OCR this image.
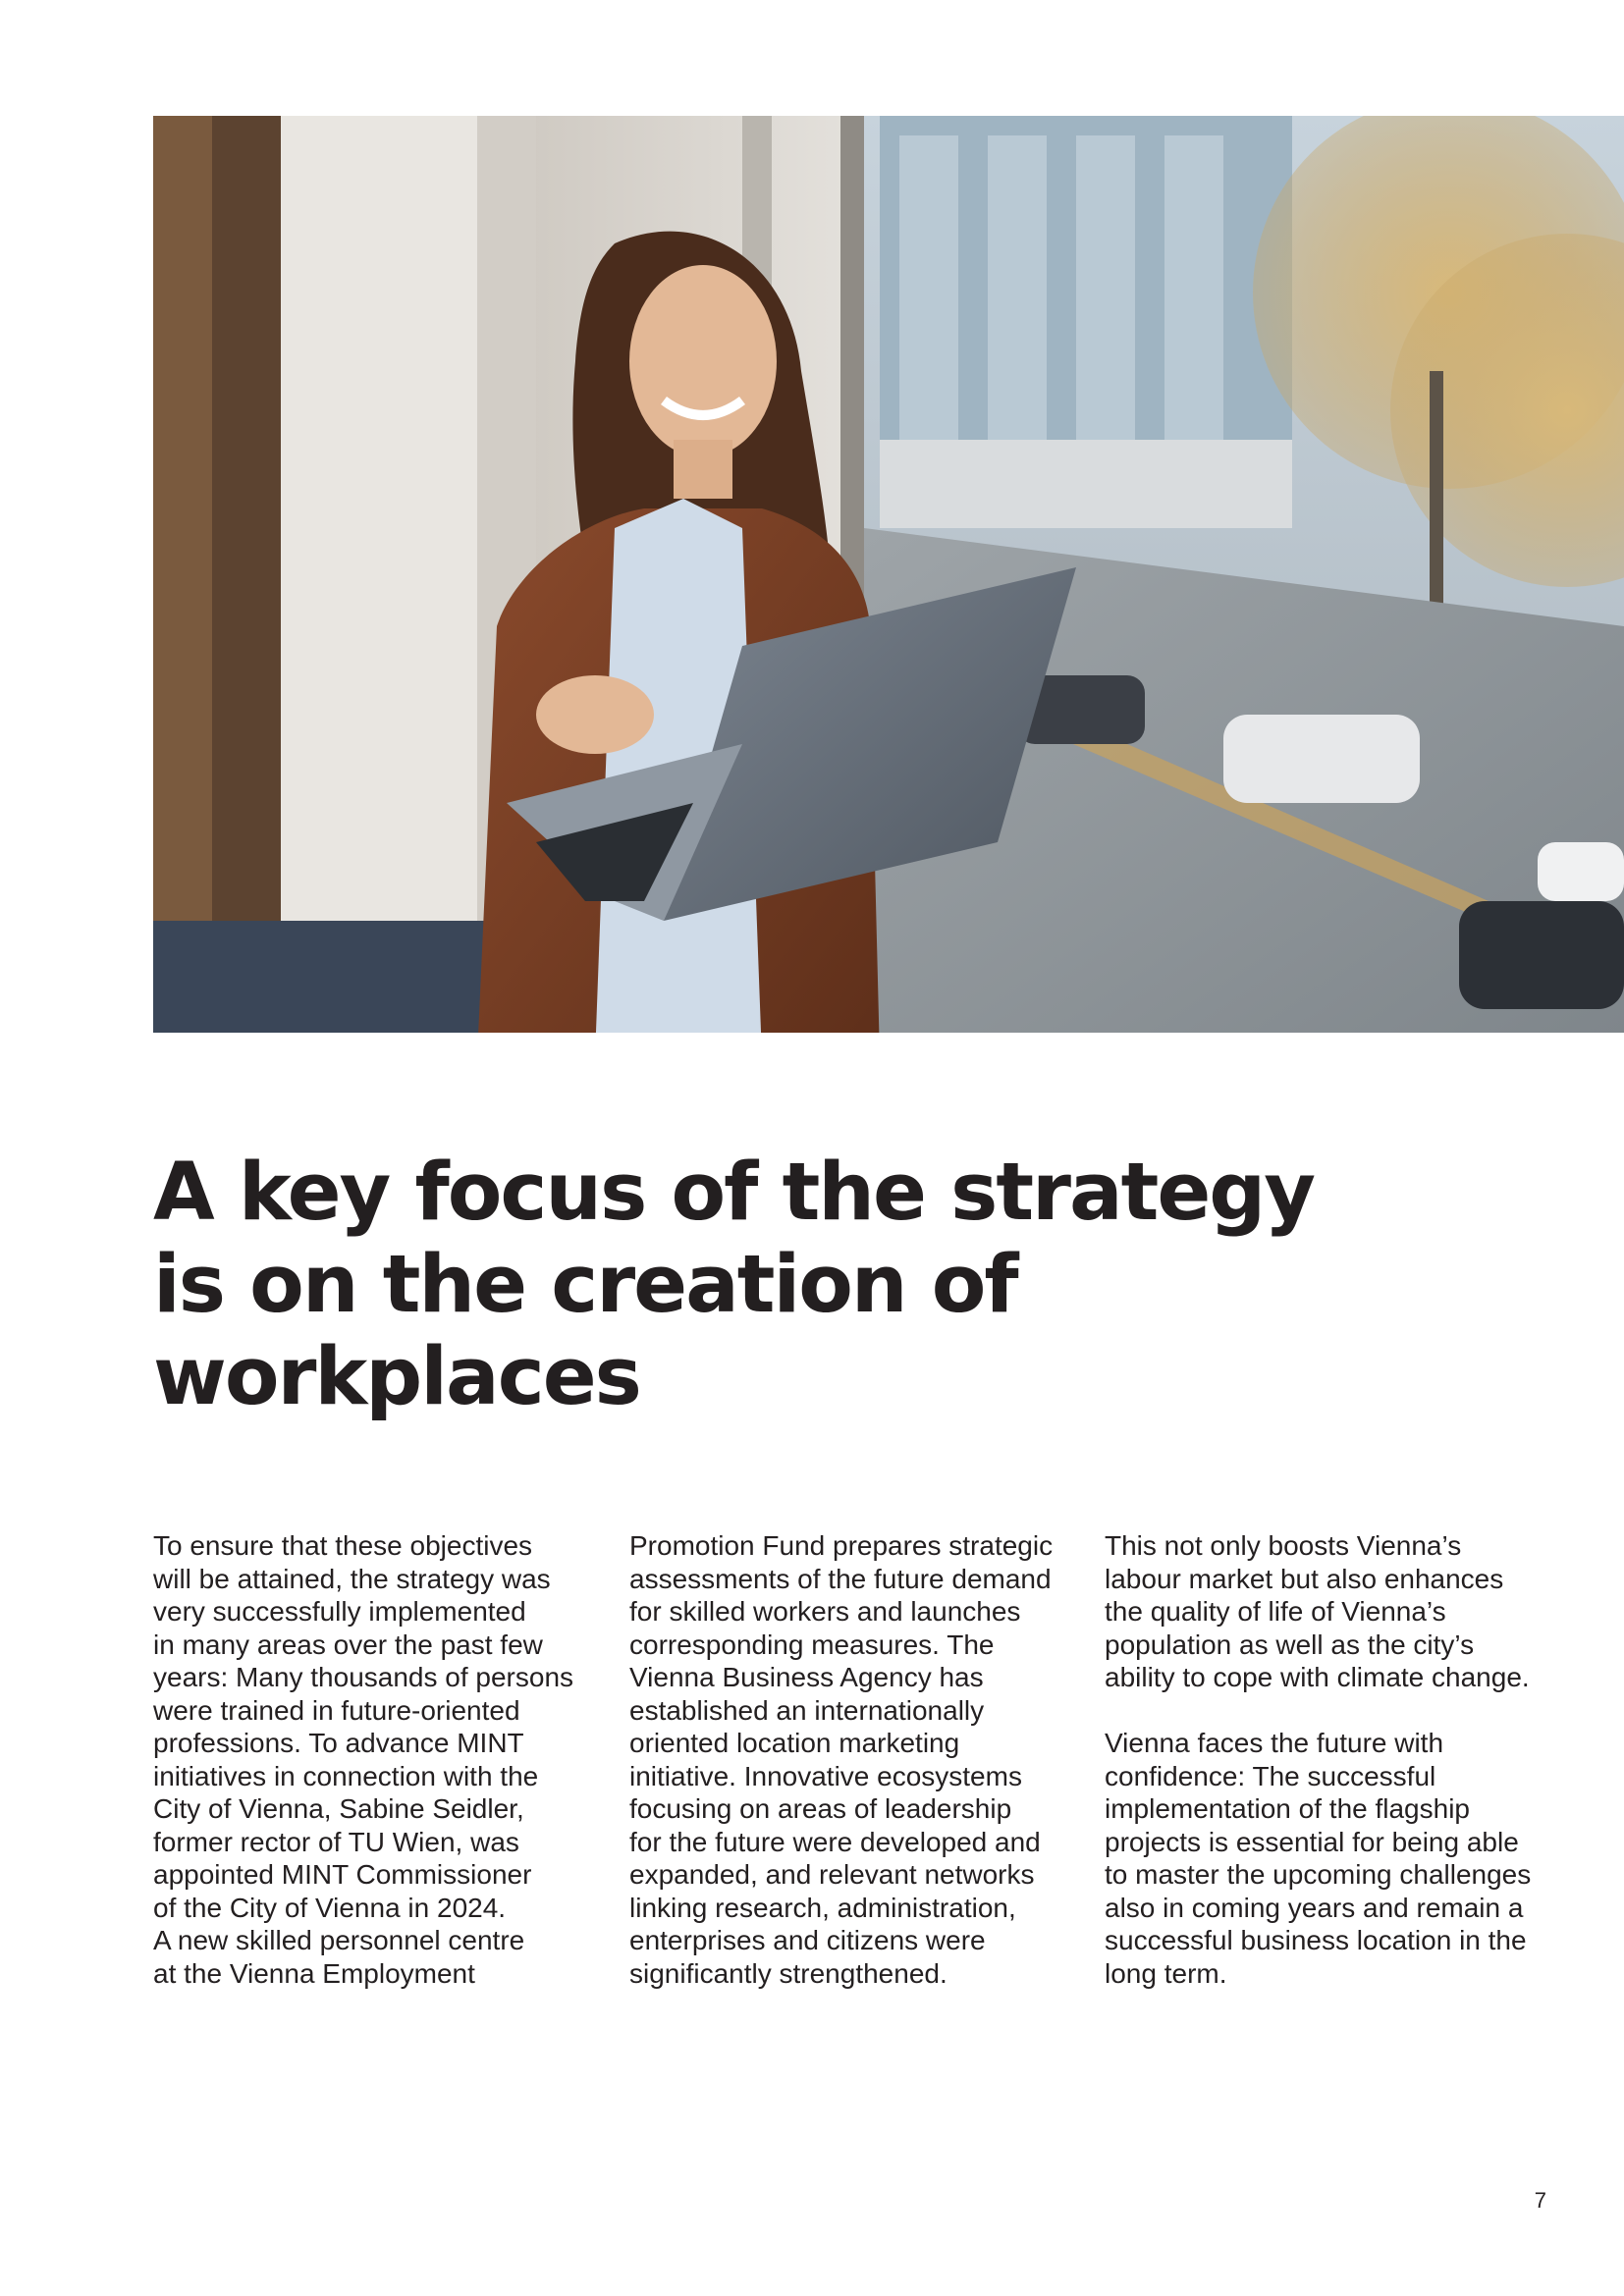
A key focus of the strategy
is on the creation of
workplaces
To ensure that these objectives
will be attained, the strategy was
very successfully implemented
in many areas over the past few
years: Many thousands of persons
were trained in future-oriented
professions. To advance MINT
initiatives in connection with the
City of Vienna, Sabine Seidler,
former rector of TU Wien, was
appointed MINT Commissioner
of the City of Vienna in 2024.
A new skilled personnel centre
at the Vienna Employment
Promotion Fund prepares strategic
assessments of the future demand
for skilled workers and launches
corresponding measures. The
Vienna Business Agency has
established an internationally
oriented location marketing
initiative. Innovative ecosystems
focusing on areas of leadership
for the future were developed and
expanded, and relevant networks
linking research, administration,
enterprises and citizens were
significantly strengthened.
This not only boosts Vienna’s
labour market but also enhances
the quality of life of Vienna’s
population as well as the city’s
ability to cope with climate change.
Vienna faces the future with
confidence: The successful
implementation of the flagship
projects is essential for being able
to master the upcoming challenges
also in coming years and remain a
successful business location in the
long term.
7
